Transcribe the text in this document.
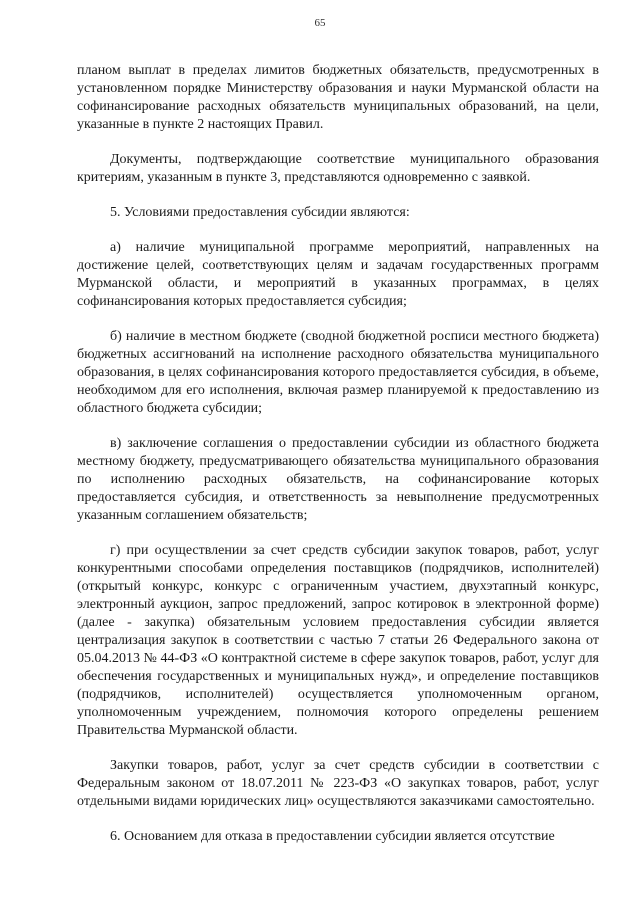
65

планом выплат в пределах лимитов бюджетных обязательств, предусмотренных в установленном порядке Министерству образования и науки Мурманской области на софинансирование расходных обязательств муниципальных образований, на цели, указанные в пункте 2 настоящих Правил.

Документы, подтверждающие соответствие муниципального образования критериям, указанным в пункте 3, представляются одновременно с заявкой.

5. Условиями предоставления субсидии являются:

а) наличие муниципальной программе мероприятий, направленных на достижение целей, соответствующих целям и задачам государственных программ Мурманской области, и мероприятий в указанных программах, в целях софинансирования которых предоставляется субсидия;

б) наличие в местном бюджете (сводной бюджетной росписи местного бюджета) бюджетных ассигнований на исполнение расходного обязательства муниципального образования, в целях софинансирования которого предоставляется субсидия, в объеме, необходимом для его исполнения, включая размер планируемой к предоставлению из областного бюджета субсидии;

в) заключение соглашения о предоставлении субсидии из областного бюджета местному бюджету, предусматривающего обязательства муниципального образования по исполнению расходных обязательств, на софинансирование которых предоставляется субсидия, и ответственность за невыполнение предусмотренных указанным соглашением обязательств;

г) при осуществлении за счет средств субсидии закупок товаров, работ, услуг конкурентными способами определения поставщиков (подрядчиков, исполнителей) (открытый конкурс, конкурс с ограниченным участием, двухэтапный конкурс, электронный аукцион, запрос предложений, запрос котировок в электронной форме) (далее - закупка) обязательным условием предоставления субсидии является централизация закупок в соответствии с частью 7 статьи 26 Федерального закона от 05.04.2013 № 44-ФЗ «О контрактной системе в сфере закупок товаров, работ, услуг для обеспечения государственных и муниципальных нужд», и определение поставщиков (подрядчиков, исполнителей) осуществляется уполномоченным органом, уполномоченным учреждением, полномочия которого определены решением Правительства Мурманской области.

Закупки товаров, работ, услуг за счет средств субсидии в соответствии с Федеральным законом от 18.07.2011 № 223-ФЗ «О закупках товаров, работ, услуг отдельными видами юридических лиц» осуществляются заказчиками самостоятельно.

6. Основанием для отказа в предоставлении субсидии является отсутствие
